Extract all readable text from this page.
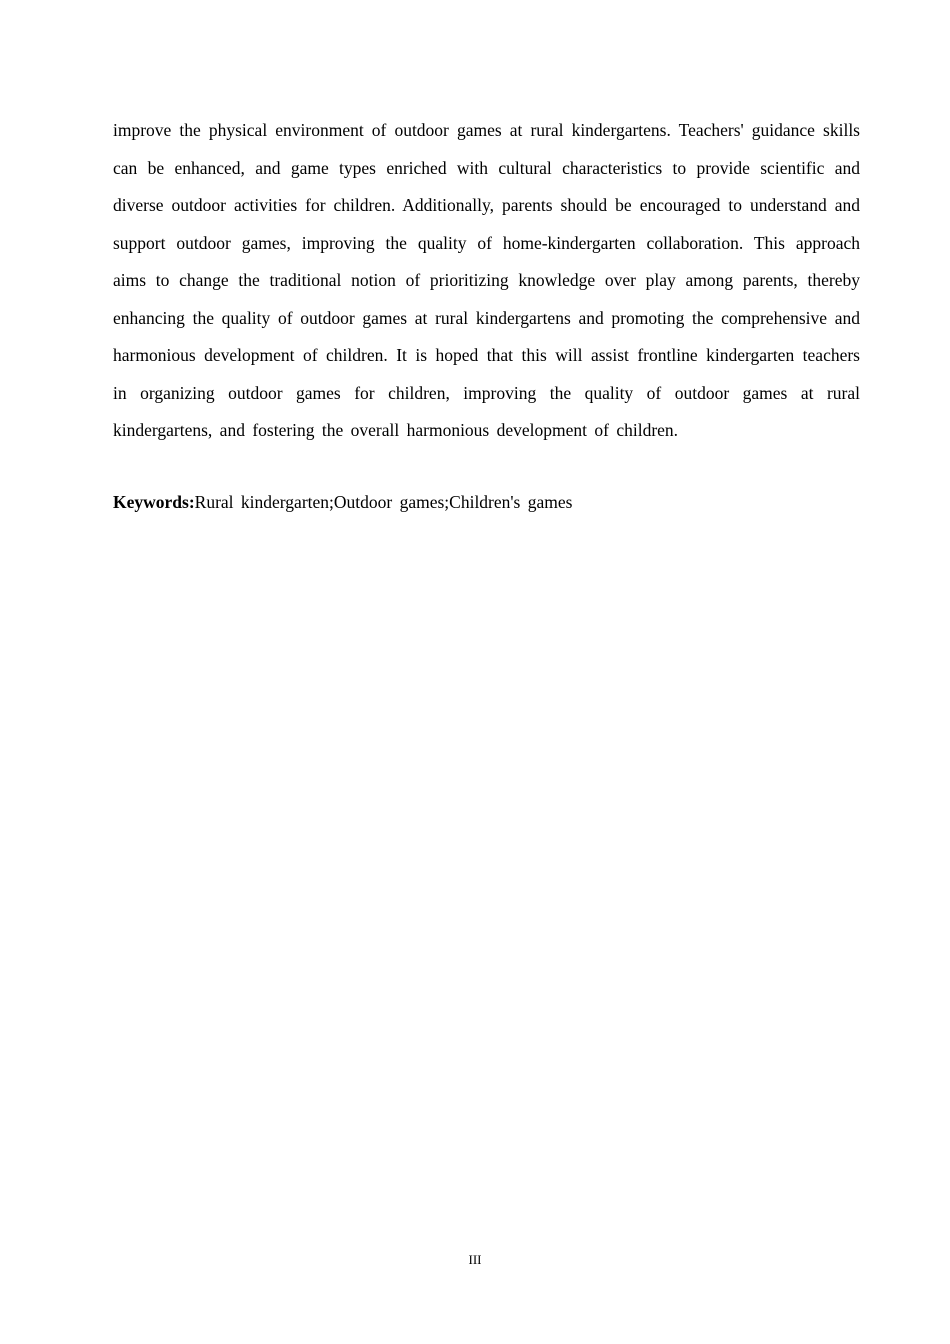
improve the physical environment of outdoor games at rural kindergartens. Teachers' guidance skills can be enhanced, and game types enriched with cultural characteristics to provide scientific and diverse outdoor activities for children. Additionally, parents should be encouraged to understand and support outdoor games, improving the quality of home-kindergarten collaboration. This approach aims to change the traditional notion of prioritizing knowledge over play among parents, thereby enhancing the quality of outdoor games at rural kindergartens and promoting the comprehensive and harmonious development of children. It is hoped that this will assist frontline kindergarten teachers in organizing outdoor games for children, improving the quality of outdoor games at rural kindergartens, and fostering the overall harmonious development of children.

Keywords:Rural kindergarten;Outdoor games;Children's games

III
